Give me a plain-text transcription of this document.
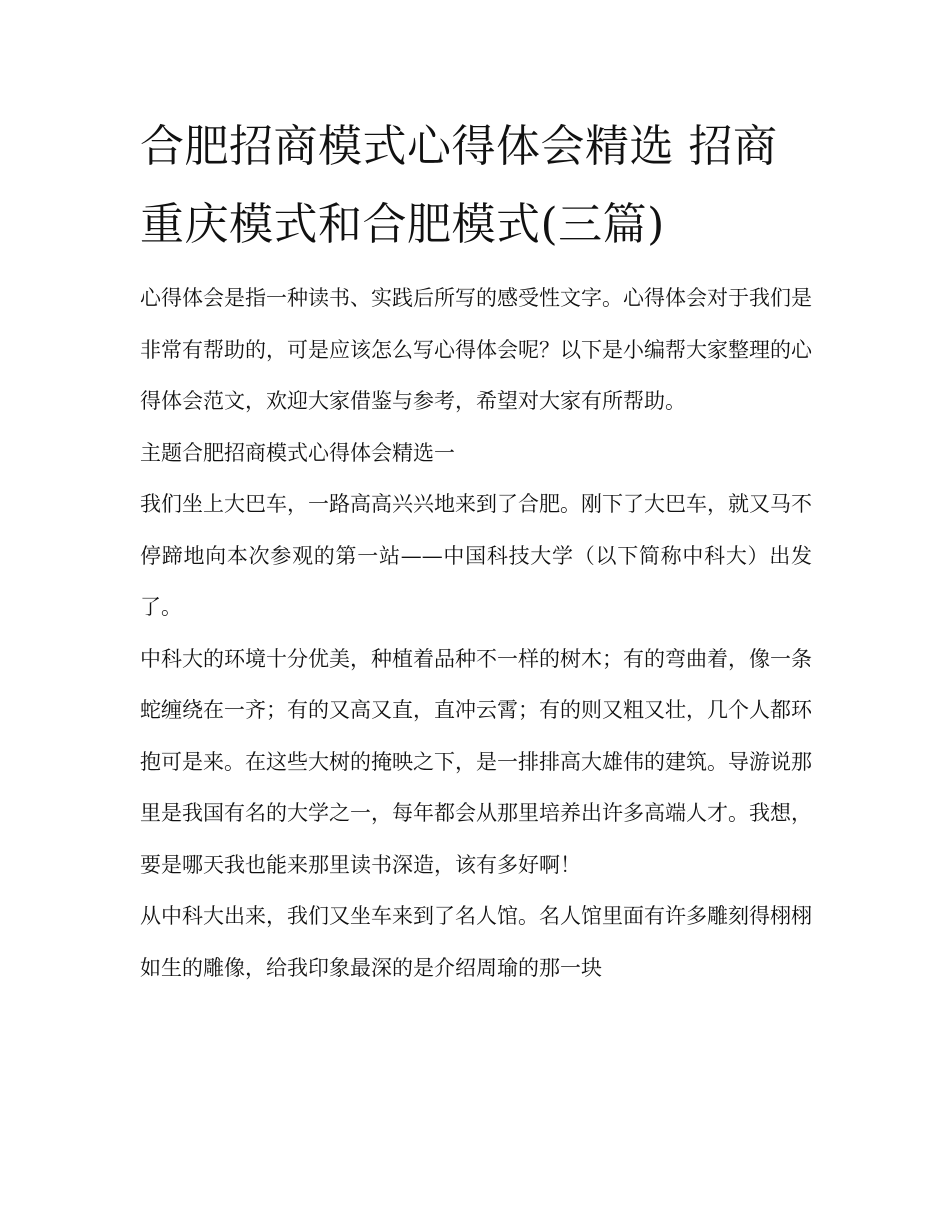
合肥招商模式心得体会精选 招商重庆模式和合肥模式(三篇)

心得体会是指一种读书、实践后所写的感受性文字。心得体会对于我们是非常有帮助的，可是应该怎么写心得体会呢？以下是小编帮大家整理的心得体会范文，欢迎大家借鉴与参考，希望对大家有所帮助。

主题合肥招商模式心得体会精选一

我们坐上大巴车，一路高高兴兴地来到了合肥。刚下了大巴车，就又马不停蹄地向本次参观的第一站——中国科技大学（以下简称中科大）出发了。

中科大的环境十分优美，种植着品种不一样的树木；有的弯曲着，像一条蛇缠绕在一齐；有的又高又直，直冲云霄；有的则又粗又壮，几个人都环抱可是来。在这些大树的掩映之下，是一排排高大雄伟的建筑。导游说那里是我国有名的大学之一，每年都会从那里培养出许多高端人才。我想，要是哪天我也能来那里读书深造，该有多好啊！

从中科大出来，我们又坐车来到了名人馆。名人馆里面有许多雕刻得栩栩如生的雕像，给我印象最深的是介绍周瑜的那一块
